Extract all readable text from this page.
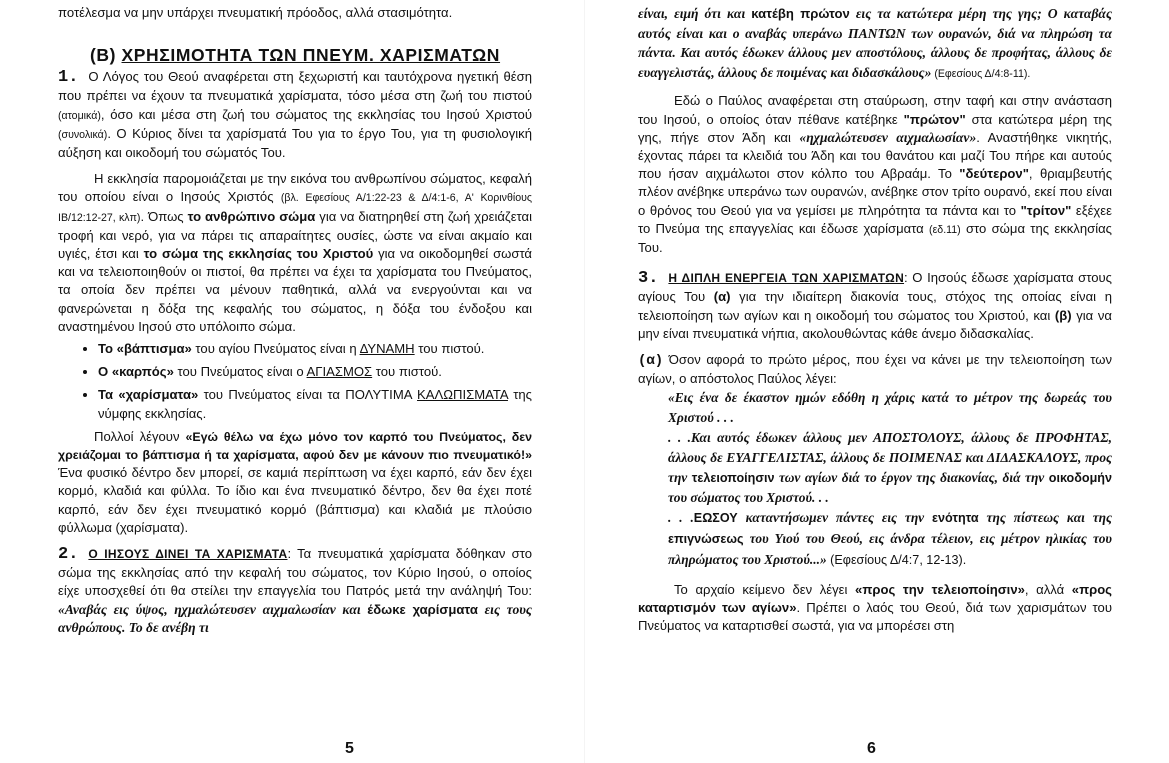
ποτέλεσμα να μην υπάρχει πνευματική πρόοδος, αλλά στασιμότητα.

(Β) ΧΡΗΣΙΜΟΤΗΤΑ ΤΩΝ ΠΝΕΥΜ. ΧΑΡΙΣΜΑΤΩΝ

1. Ο Λόγος του Θεού αναφέρεται στη ξεχωριστή και ταυτόχρονα ηγετική θέση που πρέπει να έχουν τα πνευματικά χαρίσματα, τόσο μέσα στη ζωή του πιστού (ατομικά), όσο και μέσα στη ζωή του σώματος της εκκλησίας του Ιησού Χριστού (συνολικά). Ο Κύριος δίνει τα χαρίσματά Του για το έργο Του, για τη φυσιολογική αύξηση και οικοδομή του σώματός Του.

Η εκκλησία παρομοιάζεται με την εικόνα του ανθρωπίνου σώματος, κεφαλή του οποίου είναι ο Ιησούς Χριστός (βλ. Εφεσίους Α/1:22-23 & Δ/4:1-6, Α' Κορινθίους ΙΒ/12:12-27, κλπ). Όπως το ανθρώπινο σώμα για να διατηρηθεί στη ζωή χρειάζεται τροφή και νερό, για να πάρει τις απαραίτητες ουσίες, ώστε να είναι ακμαίο και υγιές, έτσι και το σώμα της εκκλησίας του Χριστού για να οικοδομηθεί σωστά και να τελειοποιηθούν οι πιστοί, θα πρέπει να έχει τα χαρίσματα του Πνεύματος, τα οποία δεν πρέπει να μένουν παθητικά, αλλά να ενεργούνται και να φανερώνεται η δόξα της κεφαλής του σώματος, η δόξα του ένδοξου και αναστημένου Ιησού στο υπόλοιπο σώμα.

• Το «βάπτισμα» του αγίου Πνεύματος είναι η ΔΥΝΑΜΗ του πιστού.
• Ο «καρπός» του Πνεύματος είναι ο ΑΓΙΑΣΜΟΣ του πιστού.
• Τα «χαρίσματα» του Πνεύματος είναι τα ΠΟΛΥΤΙΜΑ ΚΑΛΩΠΙΣΜΑΤΑ της νύμφης εκκλησίας.

Πολλοί λέγουν «Εγώ θέλω να έχω μόνο τον καρπό του Πνεύματος, δεν χρειάζομαι το βάπτισμα ή τα χαρίσματα, αφού δεν με κάνουν πιο πνευματικό!» Ένα φυσικό δέντρο δεν μπορεί, σε καμιά περίπτωση να έχει καρπό, εάν δεν έχει κορμό, κλαδιά και φύλλα. Το ίδιο και ένα πνευματικό δέντρο, δεν θα έχει ποτέ καρπό, εάν δεν έχει πνευματικό κορμό (βάπτισμα) και κλαδιά με πλούσιο φύλλωμα (χαρίσματα).

2. Ο ΙΗΣΟΥΣ ΔΙΝΕΙ ΤΑ ΧΑΡΙΣΜΑΤΑ: Τα πνευματικά χαρίσματα δόθηκαν στο σώμα της εκκλησίας από την κεφαλή του σώματος, τον Κύριο Ιησού, ο οποίος είχε υποσχεθεί ότι θα στείλει την επαγγελία του Πατρός μετά την ανάληψή Του: «Αναβάς εις ύψος, ηχμαλώτευσεν αιχμαλωσίαν και έδωκε χαρίσματα εις τους ανθρώπους. Το δε ανέβη τι

5

είναι, ειμή ότι και κατέβη πρώτον εις τα κατώτερα μέρη της γης; Ο καταβάς αυτός είναι και ο αναβάς υπεράνω ΠΑΝΤΩΝ των ουρανών, διά να πληρώση τα πάντα. Και αυτός έδωκεν άλλους μεν αποστόλους, άλλους δε προφήτας, άλλους δε ευαγγελιστάς, άλλους δε ποιμένας και διδασκάλους» (Εφεσίους Δ/4:8-11).

Εδώ ο Παύλος αναφέρεται στη σταύρωση, στην ταφή και στην ανάσταση του Ιησού, ο οποίος όταν πέθανε κατέβηκε "πρώτον" στα κατώτερα μέρη της γης, πήγε στον Άδη και «ηχμαλώτευσεν αιχμαλωσίαν». Αναστήθηκε νικητής, έχοντας πάρει τα κλειδιά του Άδη και του θανάτου και μαζί Του πήρε και αυτούς που ήσαν αιχμάλωτοι στον κόλπο του Αβραάμ. Το "δεύτερον", θριαμβευτής πλέον ανέβηκε υπεράνω των ουρανών, ανέβηκε στον τρίτο ουρανό, εκεί που είναι ο θρόνος του Θεού για να γεμίσει με πληρότητα τα πάντα και το "τρίτον" εξέχεε το Πνεύμα της επαγγελίας και έδωσε χαρίσματα (εδ.11) στο σώμα της εκκλησίας Του.

3. Η ΔΙΠΛΗ ΕΝΕΡΓΕΙΑ ΤΩΝ ΧΑΡΙΣΜΑΤΩΝ: Ο Ιησούς έδωσε χαρίσματα στους αγίους Του (α) για την ιδιαίτερη διακονία τους, στόχος της οποίας είναι η τελειοποίηση των αγίων και η οικοδομή του σώματος του Χριστού, και (β) για να μην είναι πνευματικά νήπια, ακολουθώντας κάθε άνεμο διδασκαλίας.

(α) Όσον αφορά το πρώτο μέρος, που έχει να κάνει με την τελειοποίηση των αγίων, ο απόστολος Παύλος λέγει:

«Εις ένα δε έκαστον ημών εδόθη η χάρις κατά το μέτρον της δωρεάς του Χριστού . . .

. . .Και αυτός έδωκεν άλλους μεν ΑΠΟΣΤΟΛΟΥΣ, άλλους δε ΠΡΟΦΗΤΑΣ, άλλους δε ΕΥΑΓΓΕΛΙΣΤΑΣ, άλλους δε ΠΟΙΜΕΝΑΣ και ΔΙΔΑΣΚΑΛΟΥΣ, προς την τελειοποίησιν των αγίων διά το έργον της διακονίας, διά την οικοδομήν του σώματος του Χριστού. . .

. . .ΕΩΣΟΥ καταντήσωμεν πάντες εις την ενότητα της πίστεως και της επιγνώσεως του Υιού του Θεού, εις άνδρα τέλειον, εις μέτρον ηλικίας του πληρώματος του Χριστού...» (Εφεσίους Δ/4:7, 12-13).

Το αρχαίο κείμενο δεν λέγει «προς την τελειοποίησιν», αλλά «προς καταρτισμόν των αγίων». Πρέπει ο λαός του Θεού, διά των χαρισμάτων του Πνεύματος να καταρτισθεί σωστά, για να μπορέσει στη

6
